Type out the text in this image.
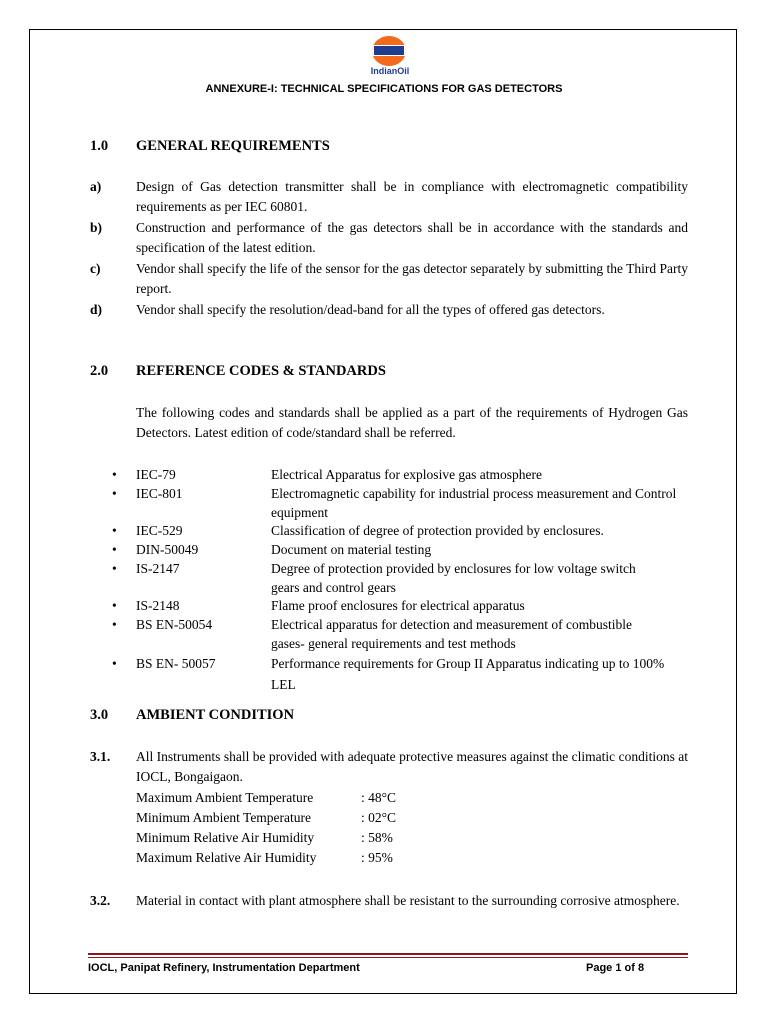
IndianOil
ANNEXURE-I: TECHNICAL SPECIFICATIONS FOR GAS DETECTORS
1.0	GENERAL REQUIREMENTS
a)	Design of Gas detection transmitter shall be in compliance with electromagnetic compatibility requirements as per IEC 60801.
b)	Construction and performance of the gas detectors shall be in accordance with the standards and specification of the latest edition.
c)	Vendor shall specify the life of the sensor for the gas detector separately by submitting the Third Party report.
d)	Vendor shall specify the resolution/dead-band for all the types of offered gas detectors.
2.0	REFERENCE CODES & STANDARDS
The following codes and standards shall be applied as a part of the requirements of Hydrogen Gas Detectors. Latest edition of code/standard shall be referred.
• IEC-79	Electrical Apparatus for explosive gas atmosphere
• IEC-801	Electromagnetic capability for industrial process measurement and Control equipment
• IEC-529	Classification of degree of protection provided by enclosures.
• DIN-50049	Document on material testing
• IS-2147	Degree of protection provided by enclosures for low voltage switch gears and control gears
• IS-2148	Flame proof enclosures for electrical apparatus
• BS EN-50054	Electrical apparatus for detection and measurement of combustible gases- general requirements and test methods
• BS EN- 50057	Performance requirements for Group II Apparatus indicating up to 100% LEL
3.0	AMBIENT CONDITION
3.1. All Instruments shall be provided with adequate protective measures against the climatic conditions at IOCL, Bongaigaon.
Maximum Ambient Temperature	: 48°C
Minimum Ambient Temperature	: 02°C
Minimum Relative Air Humidity	: 58%
Maximum Relative Air Humidity	: 95%
3.2. Material in contact with plant atmosphere shall be resistant to the surrounding corrosive atmosphere.
IOCL, Panipat Refinery, Instrumentation Department	Page 1 of 8
